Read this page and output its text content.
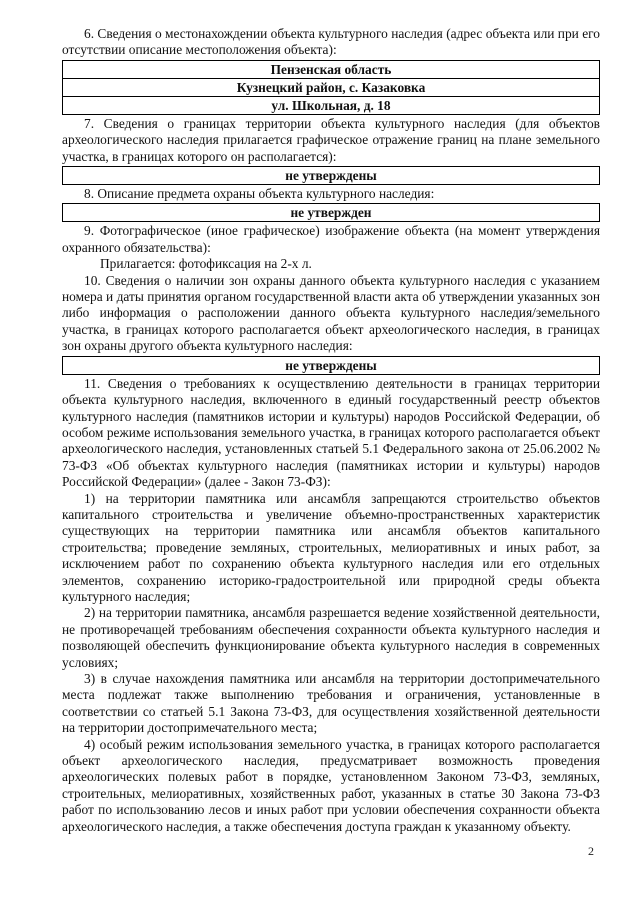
6. Сведения о местонахождении объекта культурного наследия (адрес объекта или при его отсутствии описание местоположения объекта):

Пензенская область
Кузнецкий район, с. Казаковка
ул. Школьная, д. 18

7. Сведения о границах территории объекта культурного наследия (для объектов археологического наследия прилагается графическое отражение границ на плане земельного участка, в границах которого он располагается):

не утверждены

8. Описание предмета охраны объекта культурного наследия:

не утвержден

9. Фотографическое (иное графическое) изображение объекта (на момент утверждения охранного обязательства):

Прилагается: фотофиксация на 2-х л.

10. Сведения о наличии зон охраны данного объекта культурного наследия с указанием номера и даты принятия органом государственной власти акта об утверждении указанных зон либо информация о расположении данного объекта культурного наследия/земельного участка, в границах которого располагается объект археологического наследия, в границах зон охраны другого объекта культурного наследия:

не утверждены

11. Сведения о требованиях к осуществлению деятельности в границах территории объекта культурного наследия, включенного в единый государственный реестр объектов культурного наследия (памятников истории и культуры) народов Российской Федерации, об особом режиме использования земельного участка, в границах которого располагается объект археологического наследия, установленных статьей 5.1 Федерального закона от 25.06.2002 № 73-ФЗ «Об объектах культурного наследия (памятниках истории и культуры) народов Российской Федерации» (далее - Закон 73-ФЗ):

1) на территории памятника или ансамбля запрещаются строительство объектов капитального строительства и увеличение объемно-пространственных характеристик существующих на территории памятника или ансамбля объектов капитального строительства; проведение земляных, строительных, мелиоративных и иных работ, за исключением работ по сохранению объекта культурного наследия или его отдельных элементов, сохранению историко-градостроительной или природной среды объекта культурного наследия;

2) на территории памятника, ансамбля разрешается ведение хозяйственной деятельности, не противоречащей требованиям обеспечения сохранности объекта культурного наследия и позволяющей обеспечить функционирование объекта культурного наследия в современных условиях;

3) в случае нахождения памятника или ансамбля на территории достопримечательного места подлежат также выполнению требования и ограничения, установленные в соответствии со статьей 5.1 Закона 73-ФЗ, для осуществления хозяйственной деятельности на территории достопримечательного места;

4) особый режим использования земельного участка, в границах которого располагается объект археологического наследия, предусматривает возможность проведения археологических полевых работ в порядке, установленном Законом 73-ФЗ, земляных, строительных, мелиоративных, хозяйственных работ, указанных в статье 30 Закона 73-ФЗ работ по использованию лесов и иных работ при условии обеспечения сохранности объекта археологического наследия, а также обеспечения доступа граждан к указанному объекту.

2
